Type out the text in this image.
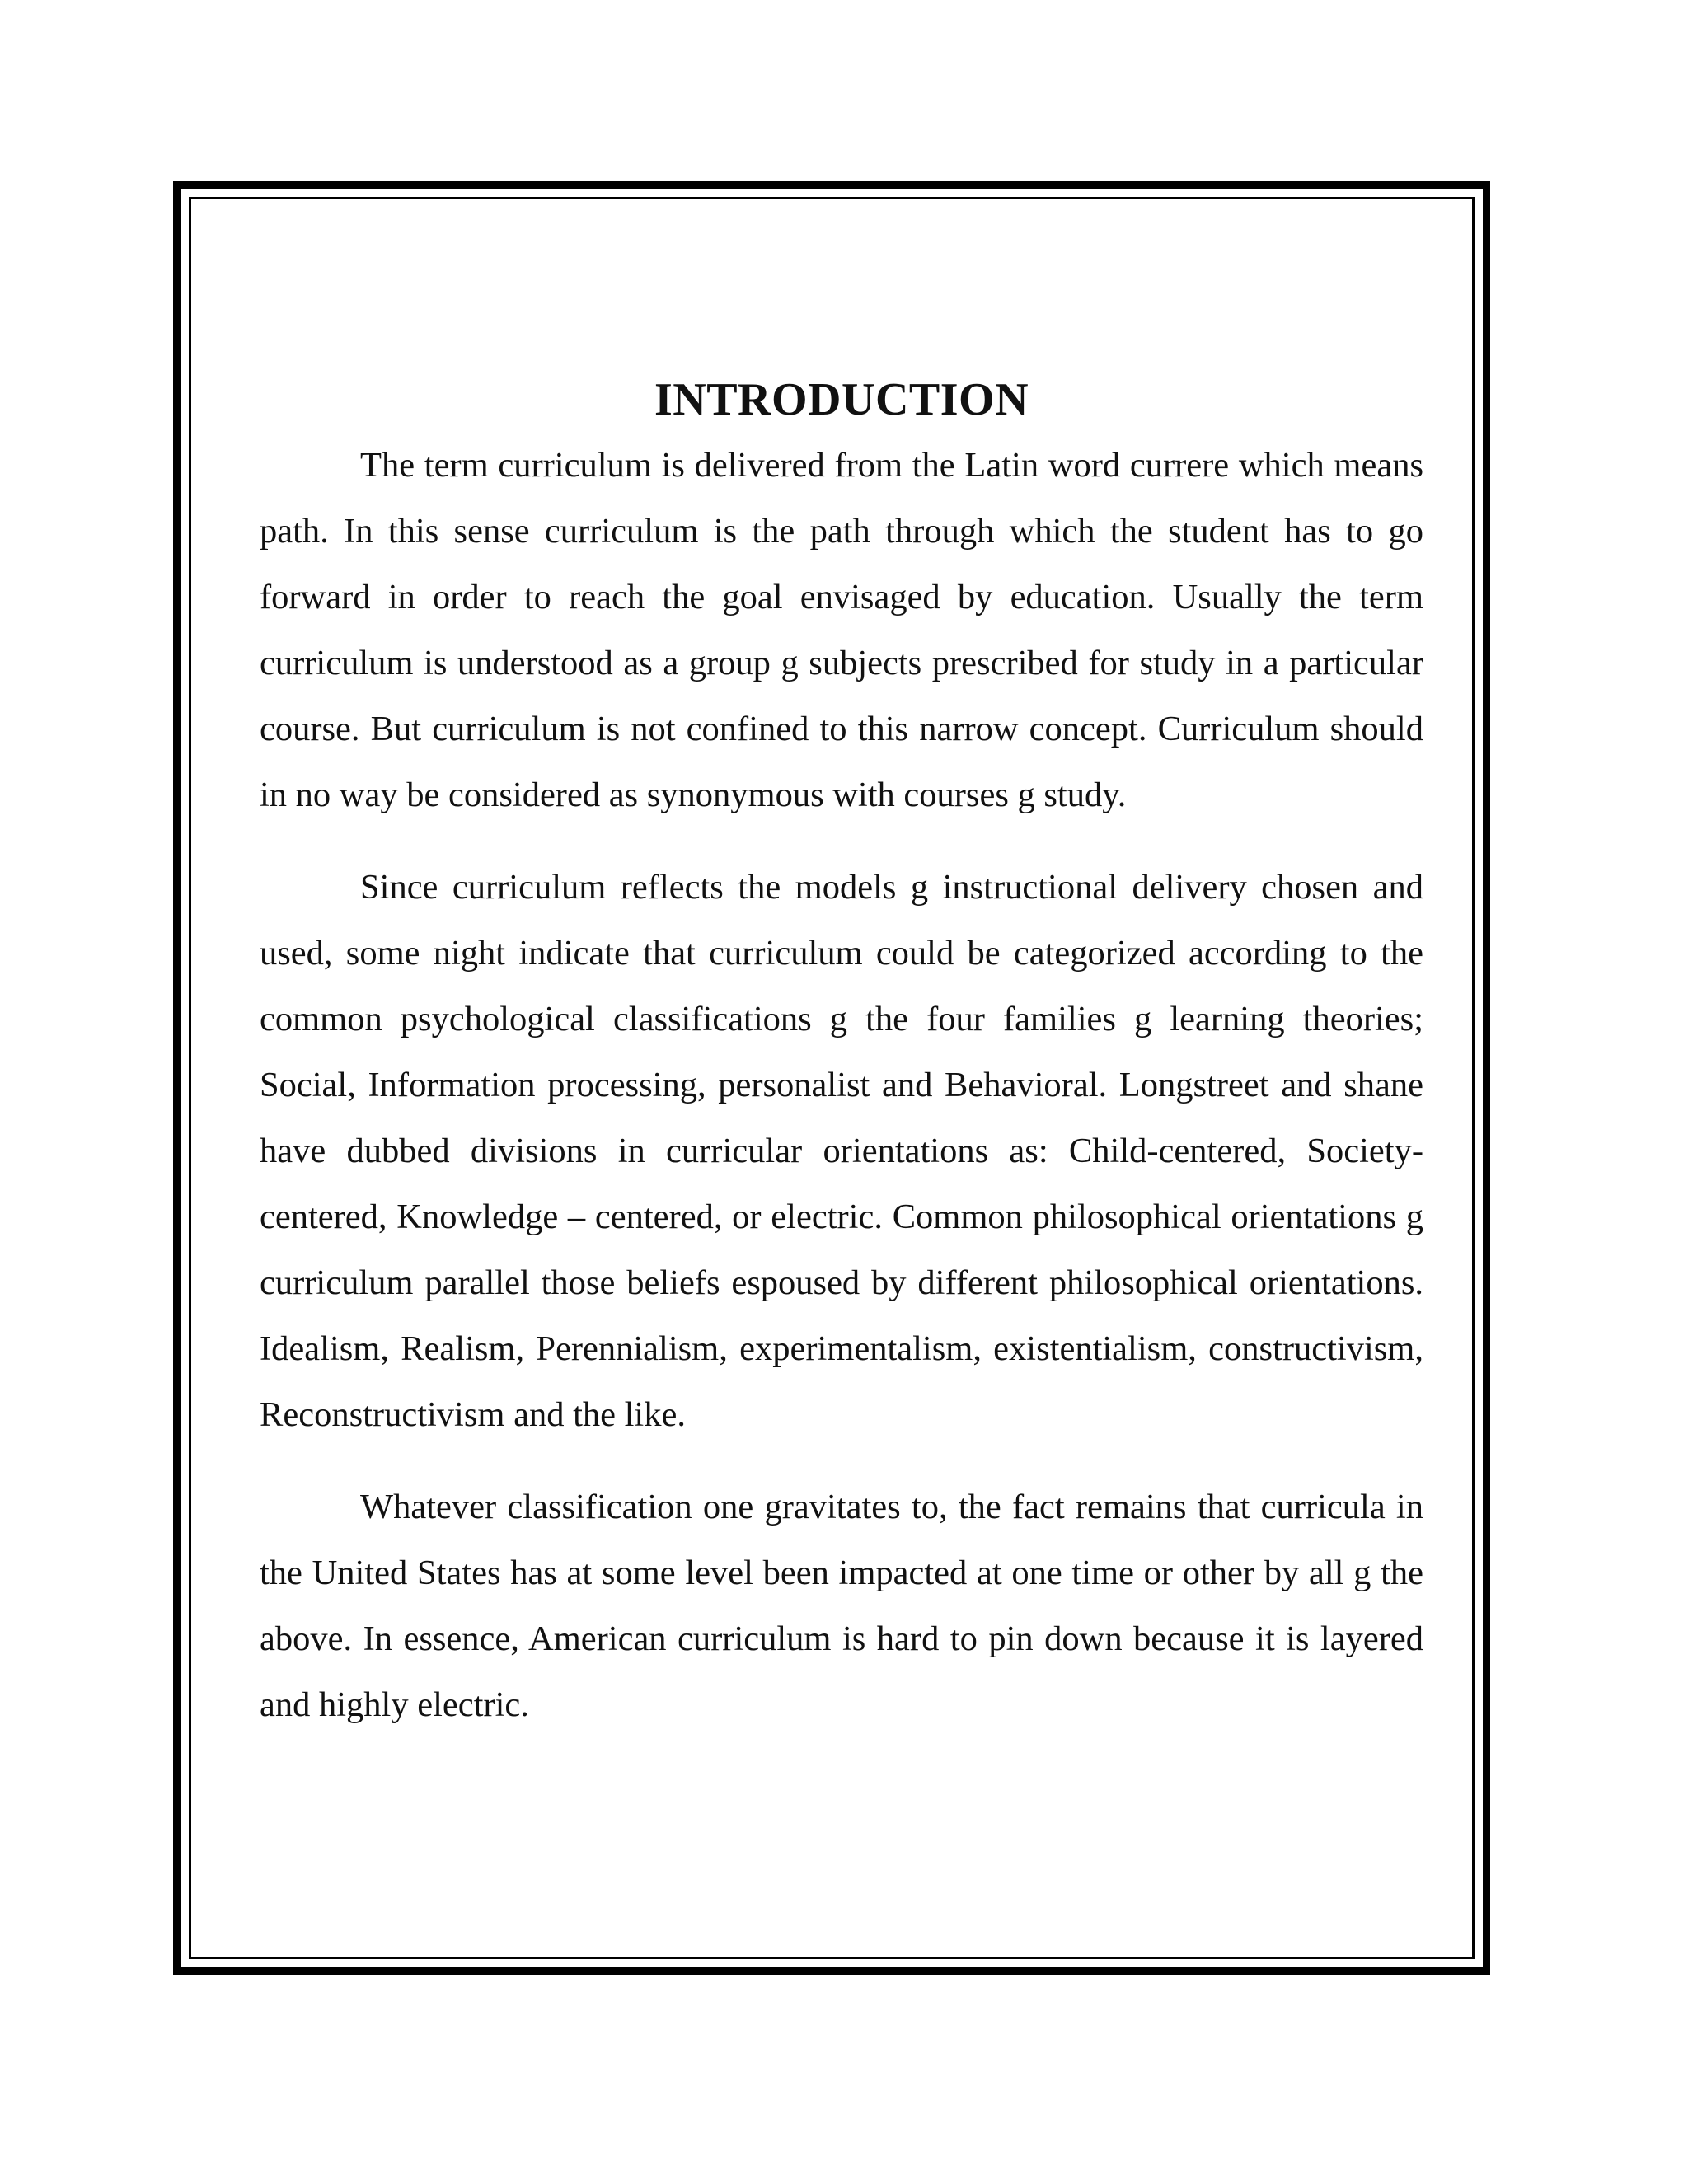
INTRODUCTION

The term curriculum is delivered from the Latin word currere which means path. In this sense curriculum is the path through which the student has to go forward in order to reach the goal envisaged by education. Usually the term curriculum is understood as a group g subjects prescribed for study in a particular course. But curriculum is not confined to this narrow concept. Curriculum should in no way be considered as synonymous with courses g study.

Since curriculum reflects the models g instructional delivery chosen and used, some night indicate that curriculum could be categorized according to the common psychological classifications g the four families g learning theories; Social, Information processing, personalist and Behavioral. Longstreet and shane have dubbed divisions in curricular orientations as: Child-centered, Society-centered, Knowledge – centered, or electric. Common philosophical orientations g curriculum parallel those beliefs espoused by different philosophical orientations. Idealism, Realism, Perennialism, experimentalism, existentialism, constructivism, Reconstructivism and the like.

Whatever classification one gravitates to, the fact remains that curricula in the United States has at some level been impacted at one time or other by all g the above. In essence, American curriculum is hard to pin down because it is layered and highly electric.
